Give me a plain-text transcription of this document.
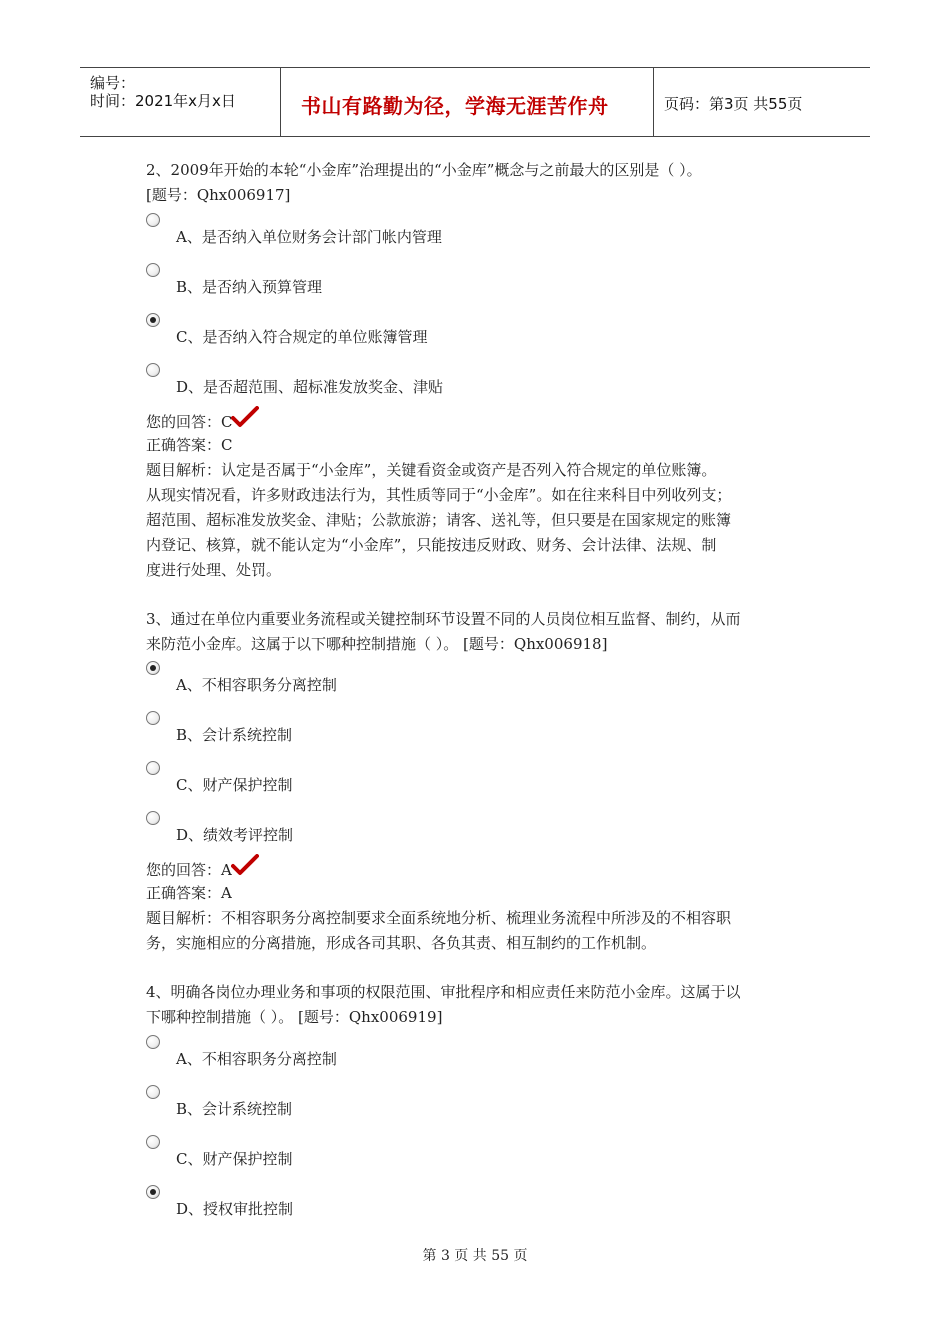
编号：
时间：2021年x月x日	书山有路勤为径，学海无涯苦作舟	页码：第3页 共55页
2、2009年开始的本轮“小金库”治理提出的“小金库”概念与之前最大的区别是（ ）。
[题号：Qhx006917]
A、是否纳入单位财务会计部门帐内管理
B、是否纳入预算管理
C、是否纳入符合规定的单位账簿管理
D、是否超范围、超标准发放奖金、津贴
您的回答：C
正确答案：C
题目解析：认定是否属于“小金库”，关键看资金或资产是否列入符合规定的单位账簿。
从现实情况看，许多财政违法行为，其性质等同于“小金库”。如在往来科目中列收列支；
超范围、超标准发放奖金、津贴；公款旅游；请客、送礼等，但只要是在国家规定的账簿
内登记、核算，就不能认定为“小金库”，只能按违反财政、财务、会计法律、法规、制
度进行处理、处罚。
3、通过在单位内重要业务流程或关键控制环节设置不同的人员岗位相互监督、制约，从而
来防范小金库。这属于以下哪种控制措施（ ）。 [题号：Qhx006918]
A、不相容职务分离控制
B、会计系统控制
C、财产保护控制
D、绩效考评控制
您的回答：A
正确答案：A
题目解析：不相容职务分离控制要求全面系统地分析、梳理业务流程中所涉及的不相容职
务，实施相应的分离措施，形成各司其职、各负其责、相互制约的工作机制。
4、明确各岗位办理业务和事项的权限范围、审批程序和相应责任来防范小金库。这属于以
下哪种控制措施（ ）。 [题号：Qhx006919]
A、不相容职务分离控制
B、会计系统控制
C、财产保护控制
D、授权审批控制
第 3 页 共 55 页
